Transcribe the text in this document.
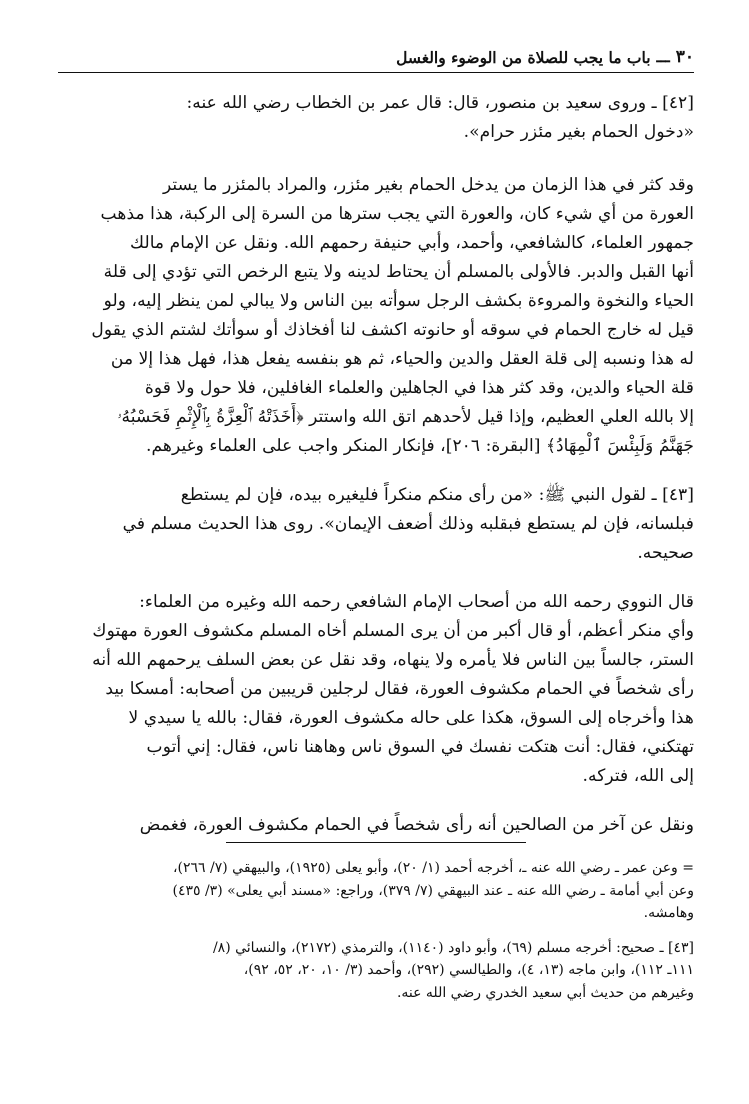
٣٠
ـــ
باب ما يجب للصلاة من الوضوء والغسل
[٤٢] ـ وروى سعيد بن منصور، قال: قال عمر بن الخطاب رضي الله عنه:
«دخول الحمام بغير مئزر حرام».
وقد كثر في هذا الزمان من يدخل الحمام بغير مئزر، والمراد بالمئزر ما يستر
العورة من أي شيء كان، والعورة التي يجب سترها من السرة إلى الركبة، هذا مذهب
جمهور العلماء، كالشافعي، وأحمد، وأبي حنيفة رحمهم الله. ونقل عن الإمام مالك
أنها القبل والدبر. فالأولى بالمسلم أن يحتاط لدينه ولا يتبع الرخص التي تؤدي إلى قلة
الحياء والنخوة والمروءة بكشف الرجل سوأته بين الناس ولا يبالي لمن ينظر إليه، ولو
قيل له خارج الحمام في سوقه أو حانوته اكشف لنا أفخاذك أو سوأتك لشتم الذي يقول
له هذا ونسبه إلى قلة العقل والدين والحياء، ثم هو بنفسه يفعل هذا، فهل هذا إلا من
قلة الحياء والدين، وقد كثر هذا في الجاهلين والعلماء الغافلين، فلا حول ولا قوة
إلا بالله العلي العظيم، وإذا قيل لأحدهم اتق الله واستتر ﴿أَخَذَتْهُ ٱلْعِزَّةُ بِٱلْإِثْمِ فَحَسْبُهُۥ
جَهَنَّمُ وَلَبِئْسَ ٱلْمِهَادُ﴾ [البقرة: ٢٠٦]، فإنكار المنكر واجب على العلماء وغيرهم.
[٤٣] ـ لقول النبي ﷺ: «من رأى منكم منكراً فليغيره بيده، فإن لم يستطع
فبلسانه، فإن لم يستطع فبقلبه وذلك أضعف الإيمان». روى هذا الحديث مسلم في
صحيحه.
قال النووي رحمه الله من أصحاب الإمام الشافعي رحمه الله وغيره من العلماء:
وأي منكر أعظم، أو قال أكبر من أن يرى المسلم أخاه المسلم مكشوف العورة مهتوك
الستر، جالساً بين الناس فلا يأمره ولا ينهاه، وقد نقل عن بعض السلف يرحمهم الله أنه
رأى شخصاً في الحمام مكشوف العورة، فقال لرجلين قريبين من أصحابه: أمسكا بيد
هذا وأخرجاه إلى السوق، هكذا على حاله مكشوف العورة، فقال: بالله يا سيدي لا
تهتكني، فقال: أنت هتكت نفسك في السوق ناس وهاهنا ناس، فقال: إني أتوب
إلى الله، فتركه.
ونقل عن آخر من الصالحين أنه رأى شخصاً في الحمام مكشوف العورة، فغمض
= وعن عمر ـ رضي الله عنه ـ، أخرجه أحمد (١/ ٢٠)، وأبو يعلى (١٩٢٥)، والبيهقي (٧/ ٢٦٦)،
وعن أبي أمامة ـ رضي الله عنه ـ عند البيهقي (٧/ ٣٧٩)، وراجع: «مسند أبي يعلى» (٣/ ٤٣٥)
وهامشه.
[٤٣] ـ صحيح: أخرجه مسلم (٦٩)، وأبو داود (١١٤٠)، والترمذي (٢١٧٢)، والنسائي (٨/
١١١ـ ١١٢)، وابن ماجه (١٣، ٤)، والطيالسي (٢٩٢)، وأحمد (٣/ ١٠، ٢٠، ٥٢، ٩٢)،
وغيرهم من حديث أبي سعيد الخدري رضي الله عنه.
